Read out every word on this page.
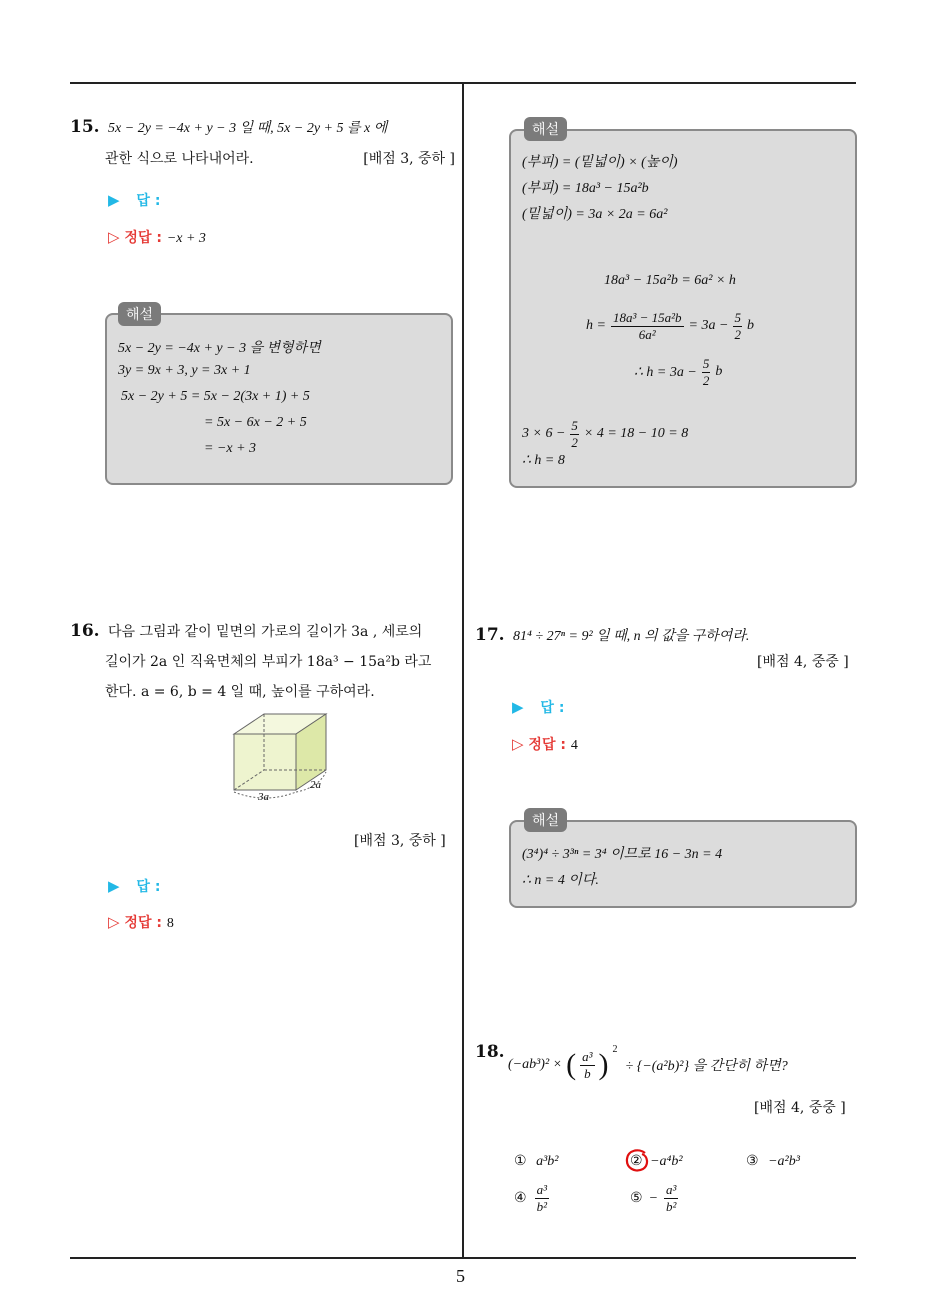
5
15. 5x − 2y = −4x + y − 3 일 때, 5x − 2y + 5 를 x 에
관한 식으로 나타내어라.	[배점 3, 중하 ]
▶ 답 :
▷ 정답 : −x + 3
해설
5x − 2y = −4x + y − 3 을 변형하면
3y = 9x + 3, y = 3x + 1
5x − 2y + 5 = 5x − 2(3x + 1) + 5
= 5x − 6x − 2 + 5
= −x + 3
해설
(부피) = (밑넓이) × (높이)
(부피) = 18a³ − 15a²b
(밑넓이) = 3a × 2a = 6a²
18a³ − 15a²b = 6a² × h
$h = \frac{\text{18a³ − 15a²b}}{\text{6a²}} = 3a - \frac{5}{2}$ b
∴ $h = 3a - \frac{5}{2}$ b
$3 \times 6 - \frac{5}{2} \times 4 = 18 - 10 = 8$
∴ h = 8
16. 다음 그림과 같이 밑면의 가로의 길이가 3a , 세로의
길이가 2a 인 직육면체의 부피가 18a³ − 15a²b 라고
한다. a = 6, b = 4 일 때, 높이를 구하여라.
3a
2a
[배점 3, 중하 ]
▶ 답 :
▷ 정답 : 8
17. 81⁴ ÷ 27ⁿ = 9² 일 때, n 의 값을 구하여라.
[배점 4, 중중 ]
▶ 답 :
▷ 정답 : 4
해설
(3⁴)⁴ ÷ 3³ⁿ = 3⁴ 이므로 16 − 3n = 4
∴ n = 4 이다.
18.
(−ab³)² × ( $\frac{\text{a³}}{b}$ ) 2
÷ {−(a²b)²} 을 간단히 하면?
[배점 4, 중중 ]
① a³b²	② −a⁴b²	③ −a²b³
④ $\frac{\text{a³}}{\text{b²}}$	⑤ − $\frac{\text{a³}}{\text{b²}}$
